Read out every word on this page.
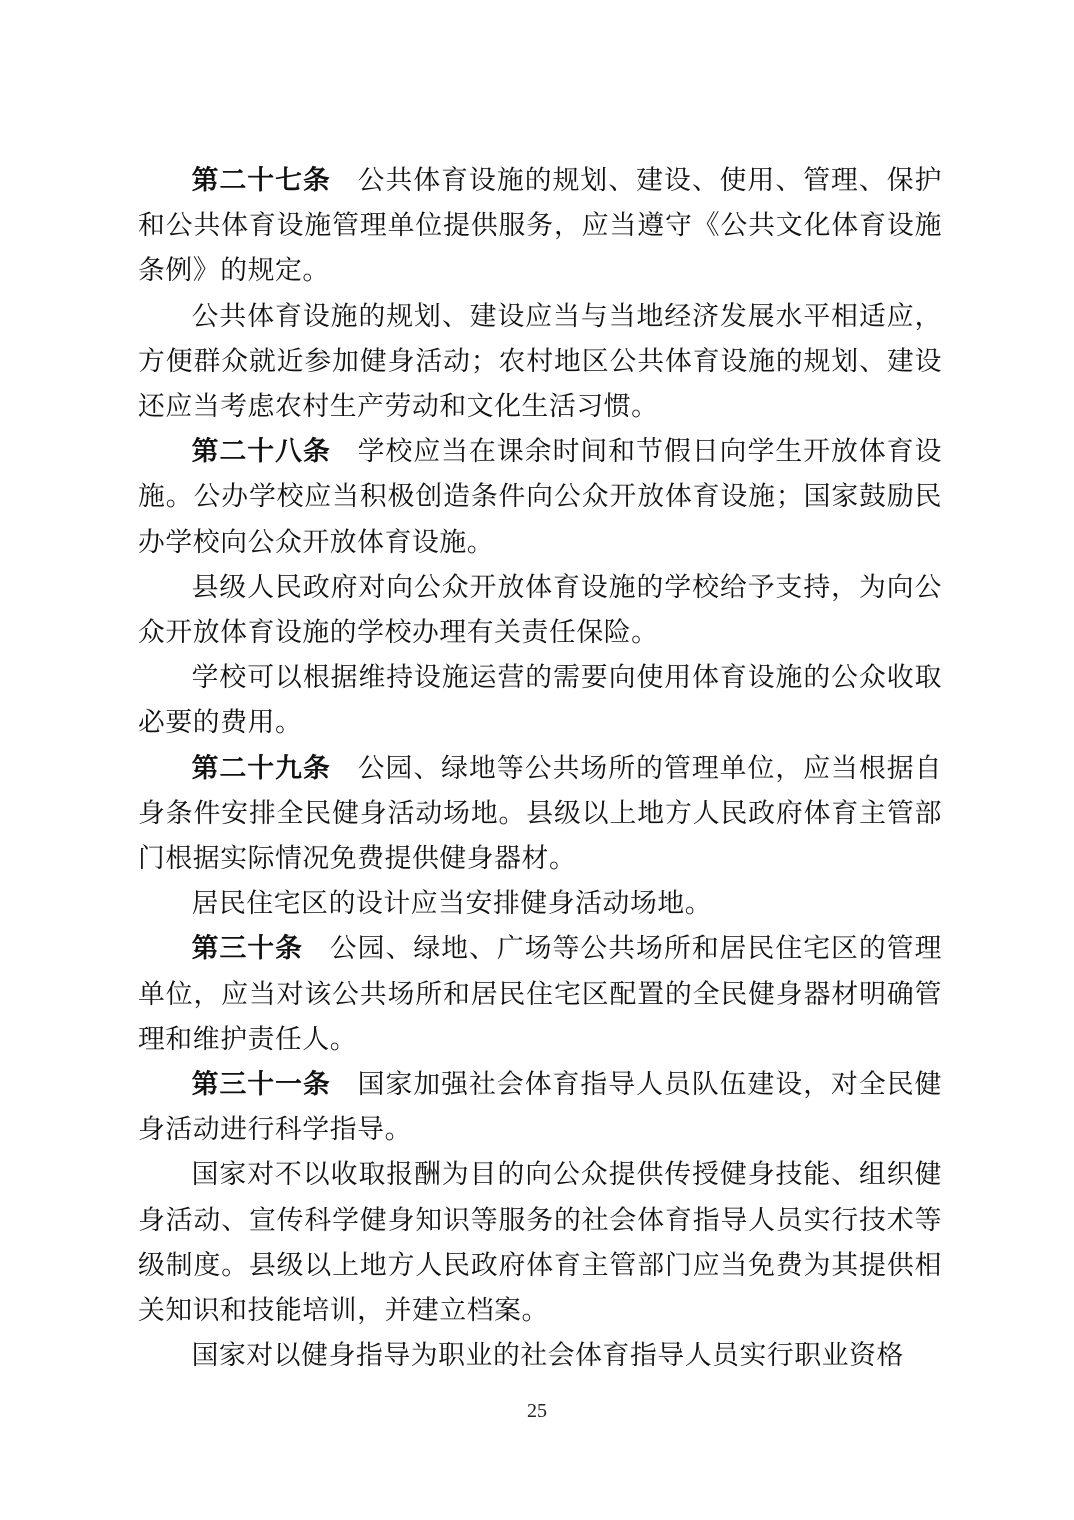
第二十七条 公共体育设施的规划、建设、使用、管理、保护和公共体育设施管理单位提供服务，应当遵守《公共文化体育设施条例》的规定。

公共体育设施的规划、建设应当与当地经济发展水平相适应，方便群众就近参加健身活动；农村地区公共体育设施的规划、建设还应当考虑农村生产劳动和文化生活习惯。

第二十八条 学校应当在课余时间和节假日向学生开放体育设施。公办学校应当积极创造条件向公众开放体育设施；国家鼓励民办学校向公众开放体育设施。

县级人民政府对向公众开放体育设施的学校给予支持，为向公众开放体育设施的学校办理有关责任保险。

学校可以根据维持设施运营的需要向使用体育设施的公众收取必要的费用。

第二十九条 公园、绿地等公共场所的管理单位，应当根据自身条件安排全民健身活动场地。县级以上地方人民政府体育主管部门根据实际情况免费提供健身器材。

居民住宅区的设计应当安排健身活动场地。

第三十条 公园、绿地、广场等公共场所和居民住宅区的管理单位，应当对该公共场所和居民住宅区配置的全民健身器材明确管理和维护责任人。

第三十一条 国家加强社会体育指导人员队伍建设，对全民健身活动进行科学指导。

国家对不以收取报酬为目的向公众提供传授健身技能、组织健身活动、宣传科学健身知识等服务的社会体育指导人员实行技术等级制度。县级以上地方人民政府体育主管部门应当免费为其提供相关知识和技能培训，并建立档案。

国家对以健身指导为职业的社会体育指导人员实行职业资格

25
